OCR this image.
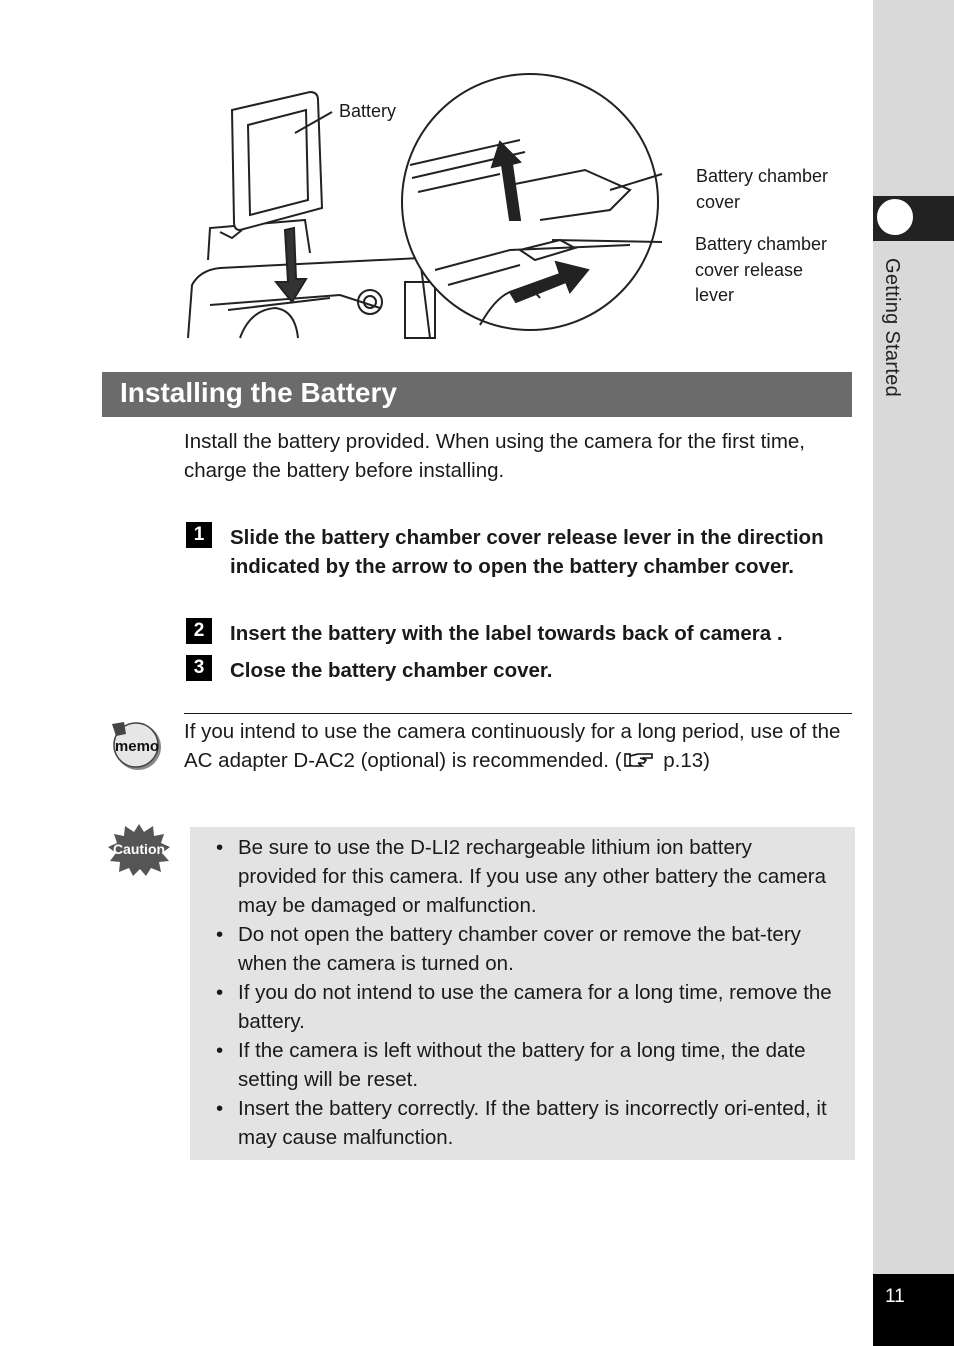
Getting Started
11
Battery
Battery chamber
cover
Battery chamber
cover release
lever
Installing the Battery
Install the battery provided. When using the camera for the first time, charge the battery before installing.
1	Slide the battery chamber cover release lever in the direction indicated by the arrow to open the battery chamber cover.
2	Insert the battery with the label towards back of camera .
3	Close the battery chamber cover.
memo
If you intend to use the camera continuously for a long period, use of the AC adapter D-AC2 (optional) is recommended. ( p.13)
Caution • Be sure to use the D-LI2 rechargeable lithium ion battery provided for this camera. If you use any other battery the camera may be damaged or malfunction.
• Do not open the battery chamber cover or remove the bat-tery when the camera is turned on.
• If you do not intend to use the camera for a long time, remove the battery.
• If the camera is left without the battery for a long time, the date setting will be reset.
• Insert the battery correctly. If the battery is incorrectly ori-ented, it may cause malfunction.
